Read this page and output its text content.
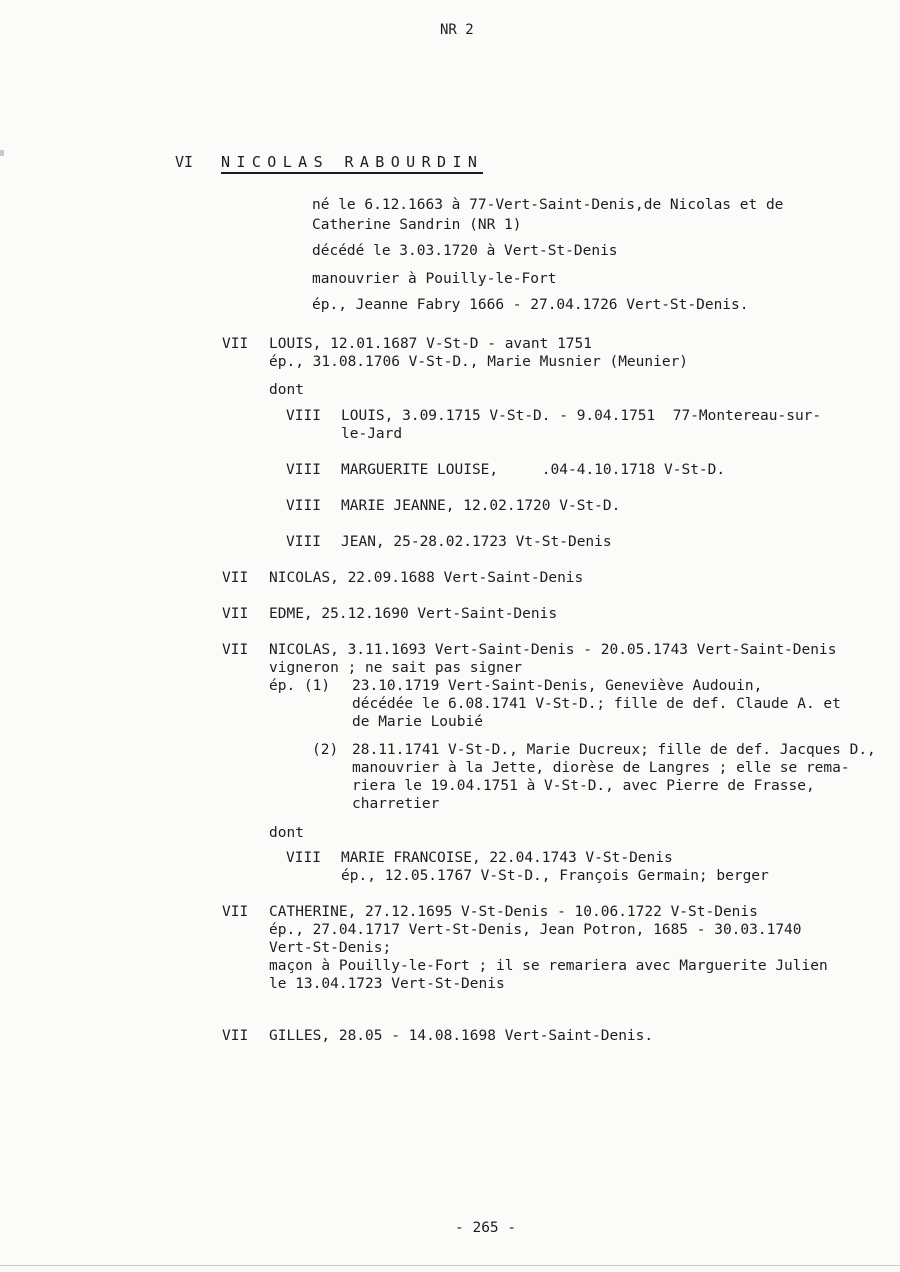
NR 2
VI NICOLAS RABOURDIN
né le 6.12.1663 à 77-Vert-Saint-Denis,de Nicolas et de
Catherine Sandrin (NR 1)
décédé le 3.03.1720 à Vert-St-Denis
manouvrier à Pouilly-le-Fort
ép., Jeanne Fabry 1666 - 27.04.1726 Vert-St-Denis.
VII LOUIS, 12.01.1687 V-St-D - avant 1751
ép., 31.08.1706 V-St-D., Marie Musnier (Meunier)
dont
VIII LOUIS, 3.09.1715 V-St-D. - 9.04.1751  77-Montereau-sur-
le-Jard
VIII MARGUERITE LOUISE,     .04-4.10.1718 V-St-D.
VIII MARIE JEANNE, 12.02.1720 V-St-D.
VIII JEAN, 25-28.02.1723 Vt-St-Denis
VII NICOLAS, 22.09.1688 Vert-Saint-Denis
VII EDME, 25.12.1690 Vert-Saint-Denis
VII NICOLAS, 3.11.1693 Vert-Saint-Denis - 20.05.1743 Vert-Saint-Denis
vigneron ; ne sait pas signer
ép. (1) 23.10.1719 Vert-Saint-Denis, Geneviève Audouin,
décédée le 6.08.1741 V-St-D.; fille de def. Claude A. et
de Marie Loubié
(2) 28.11.1741 V-St-D., Marie Ducreux; fille de def. Jacques D.,
manouvrier à la Jette, diorèse de Langres ; elle se rema-
riera le 19.04.1751 à V-St-D., avec Pierre de Frasse,
charretier
dont
VIII MARIE FRANCOISE, 22.04.1743 V-St-Denis
ép., 12.05.1767 V-St-D., François Germain; berger
VII CATHERINE, 27.12.1695 V-St-Denis - 10.06.1722 V-St-Denis
ép., 27.04.1717 Vert-St-Denis, Jean Potron, 1685 - 30.03.1740
Vert-St-Denis;
maçon à Pouilly-le-Fort ; il se remariera avec Marguerite Julien
le 13.04.1723 Vert-St-Denis
VII GILLES, 28.05 - 14.08.1698 Vert-Saint-Denis.
- 265 -
